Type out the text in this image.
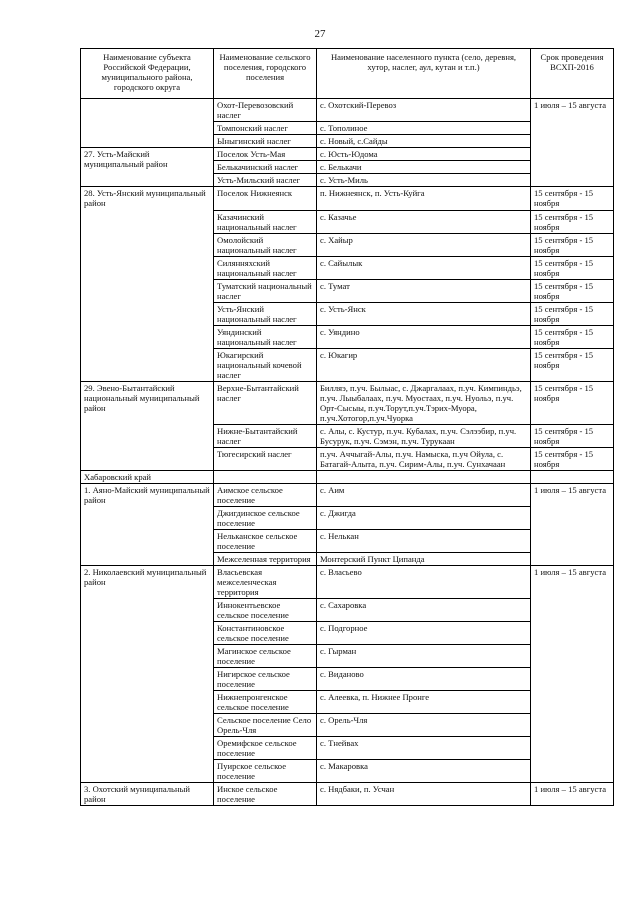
27
Наименование субъекта Российской Федерации, муниципального района, городского округа	Наименование сельского поселения, городского поселения	Наименование населенного пункта (село, деревня, хутор, наслег, аул, кутан и т.п.)	Срок проведения ВСХП-2016
	Охот-Перевозовский наслег	с. Охотский-Перевоз	1 июля – 15 августа
	Томпонский наслег	с. Тополиное	
	Ыныгинский наслег	с. Новый, с.Сайды	
27. Усть-Майский муниципальный район	Поселок Усть-Мая	с. Юсть-Юдома	
	Белькачинский наслег	с. Белькачи	
	Усть-Мильский наслег	с. Усть-Миль	
28. Усть-Янский муниципальный район	Поселок Нижнеянск	п. Нижнеянск, п. Усть-Куйга	15 сентября - 15 ноября
	Казачинский национальный наслег	с. Казачье	15 сентября - 15 ноября
	Омолойский национальный наслег	с. Хайыр	15 сентября - 15 ноября
	Силянняхский национальный наслег	с. Сайылык	15 сентября - 15 ноября
	Туматский национальный наслег	с. Тумат	15 сентября - 15 ноября
	Усть-Янский национальный наслег	с. Усть-Янск	15 сентября - 15 ноября
	Уяндинский национальный наслег	с. Уяндино	15 сентября - 15 ноября
	Юкагирский национальный кочевой наслег	с. Юкагир	15 сентября - 15 ноября
29. Эвено-Бытантайский национальный муниципальный район	Верхне-Бытантайский наслег	Билляэ, п.уч. Былыас, с. Джаргалаах, п.уч. Кимпиндьэ, п.уч. Лыыбалаах, п.уч. Муостаах, п.уч. Нуольэ, п.уч. Орт-Сысыы, п.уч.Торут,п.уч.Тэрих-Муора, п.уч.Хотогор,п.уч.Чуорка	15 сентября - 15 ноября
	Нижне-Бытантайский наслег	с. Алы, с. Кустур, п.уч. Кубалах, п.уч. Сэлээбир, п.уч. Бусурук, п.уч. Сэмэн, п.уч. Турукаан	15 сентября - 15 ноября
	Тюгесирский наслег	п.уч. Аччыгай-Алы, п.уч. Намыска, п.уч Ойула, с. Батагай-Алыта, п.уч. Сирим-Алы, п.уч. Сунхачаан	15 сентября - 15 ноября
Хабаровский край			
1. Аяно-Майский муниципальный район	Аимское сельское поселение	с. Аим	1 июля – 15 августа
	Джигдинское сельское поселение	с. Джигда	
	Нельканское сельское поселение	с. Нелькан	
	Межселенная территория	Монтерский Пункт Ципанда	
2. Николаевский муниципальный район	Власьевская межселенческая территория	с. Власьево	1 июля – 15 августа
	Иннокентьевское сельское поселение	с. Сахаровка	
	Константиновское сельское поселение	с. Подгорное	
	Магинское сельское поселение	с. Гырман	
	Нигирское сельское поселение	с. Виданово	
	Нижнепронгенское сельское поселение	с. Алеевка, п. Нижнее Пронге	
	Сельское поселение Село Орель-Чля	с. Орель-Чля	
	Оремифское сельское поселение	с. Тнейвах	
	Пуирское сельское поселение	с. Макаровка	
3. Охотский муниципальный район	Инское сельское поселение	с. Нядбаки, п. Усчан	1 июля – 15 августа
